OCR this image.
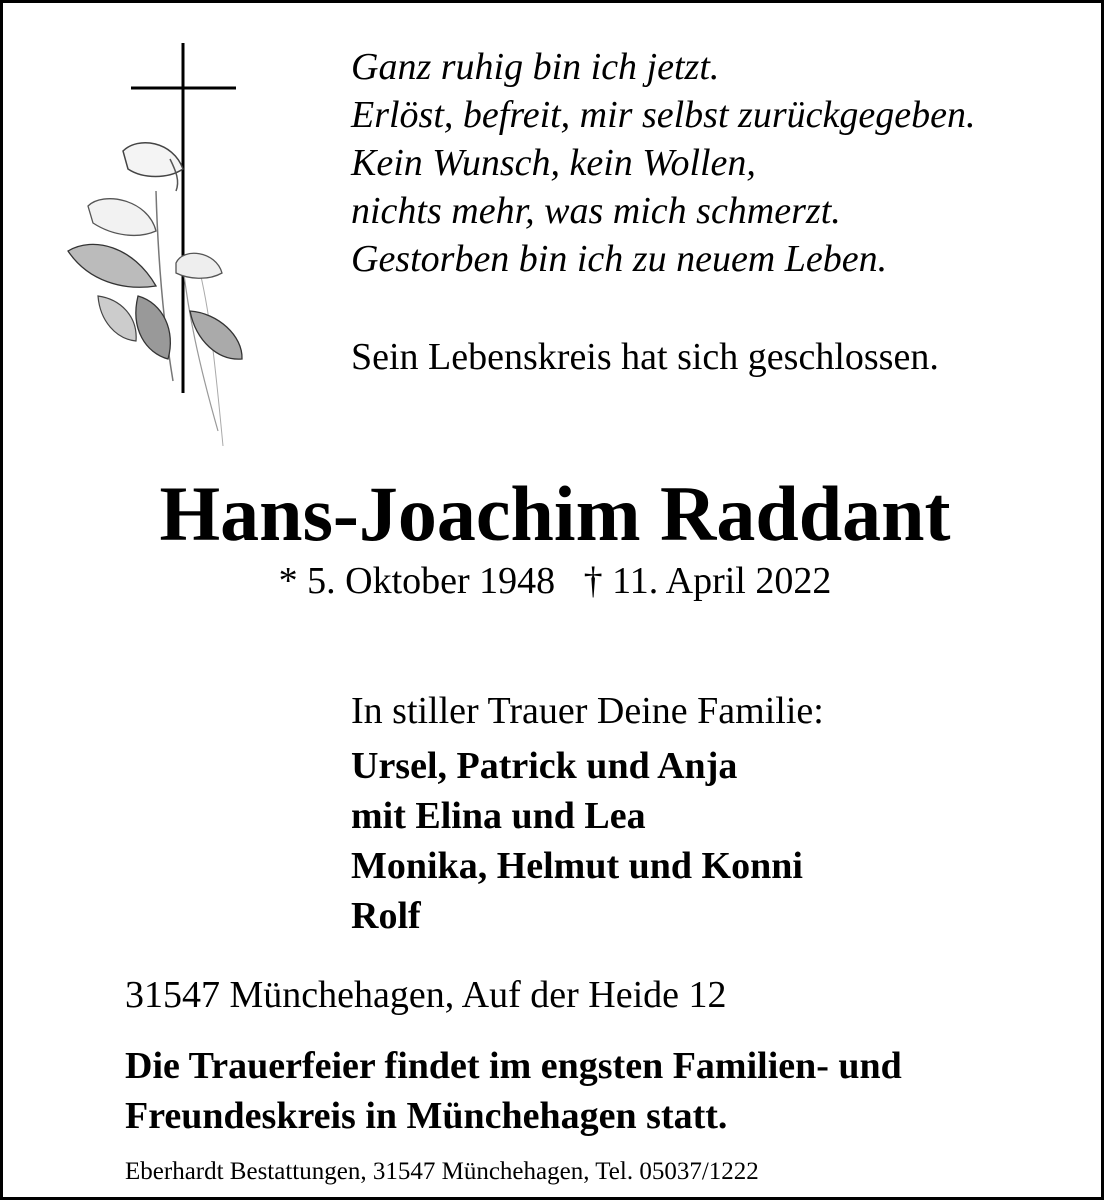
Ganz ruhig bin ich jetzt.
Erlöst, befreit, mir selbst zurückgegeben.
Kein Wunsch, kein Wollen,
nichts mehr, was mich schmerzt.
Gestorben bin ich zu neuem Leben.
Sein Lebenskreis hat sich geschlossen.
Hans-Joachim Raddant
* 5. Oktober 1948 † 11. April 2022
In stiller Trauer Deine Familie:
Ursel, Patrick und Anja
mit Elina und Lea
Monika, Helmut und Konni
Rolf
31547 Münchehagen, Auf der Heide 12
Die Trauerfeier findet im engsten Familien- und
Freundeskreis in Münchehagen statt.
Eberhardt Bestattungen, 31547 Münchehagen, Tel. 05037/1222
